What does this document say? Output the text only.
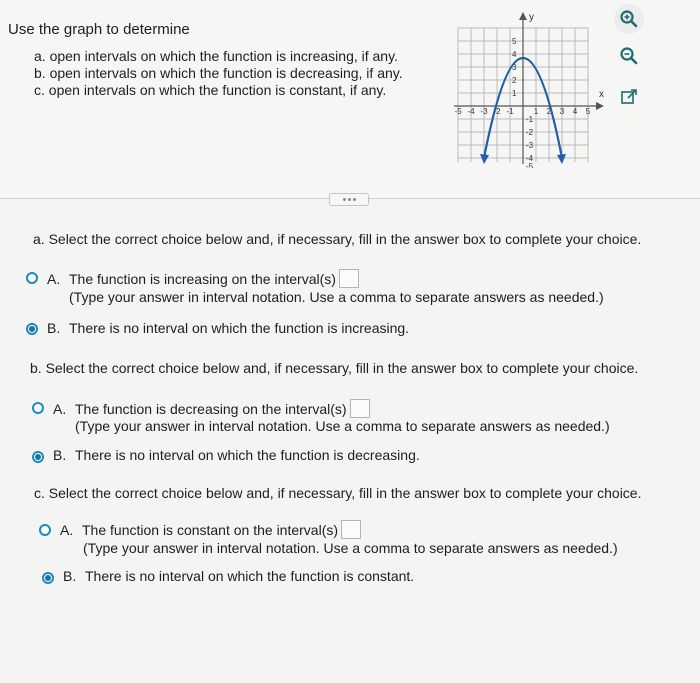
Use the graph to determine
a. open intervals on which the function is increasing, if any.
b. open intervals on which the function is decreasing, if any.
c. open intervals on which the function is constant, if any.
y
x
-5 -4 -3 -2 -1	1 2 3 4 5
1
2
3
4
5
-1
-2
-3
-4
-5
a. Select the correct choice below and, if necessary, fill in the answer box to complete your choice.
A. The function is increasing on the interval(s)
(Type your answer in interval notation. Use a comma to separate answers as needed.)
B. There is no interval on which the function is increasing.
b. Select the correct choice below and, if necessary, fill in the answer box to complete your choice.
A. The function is decreasing on the interval(s)
(Type your answer in interval notation. Use a comma to separate answers as needed.)
B. There is no interval on which the function is decreasing.
c. Select the correct choice below and, if necessary, fill in the answer box to complete your choice.
A. The function is constant on the interval(s)
(Type your answer in interval notation. Use a comma to separate answers as needed.)
B. There is no interval on which the function is constant.
